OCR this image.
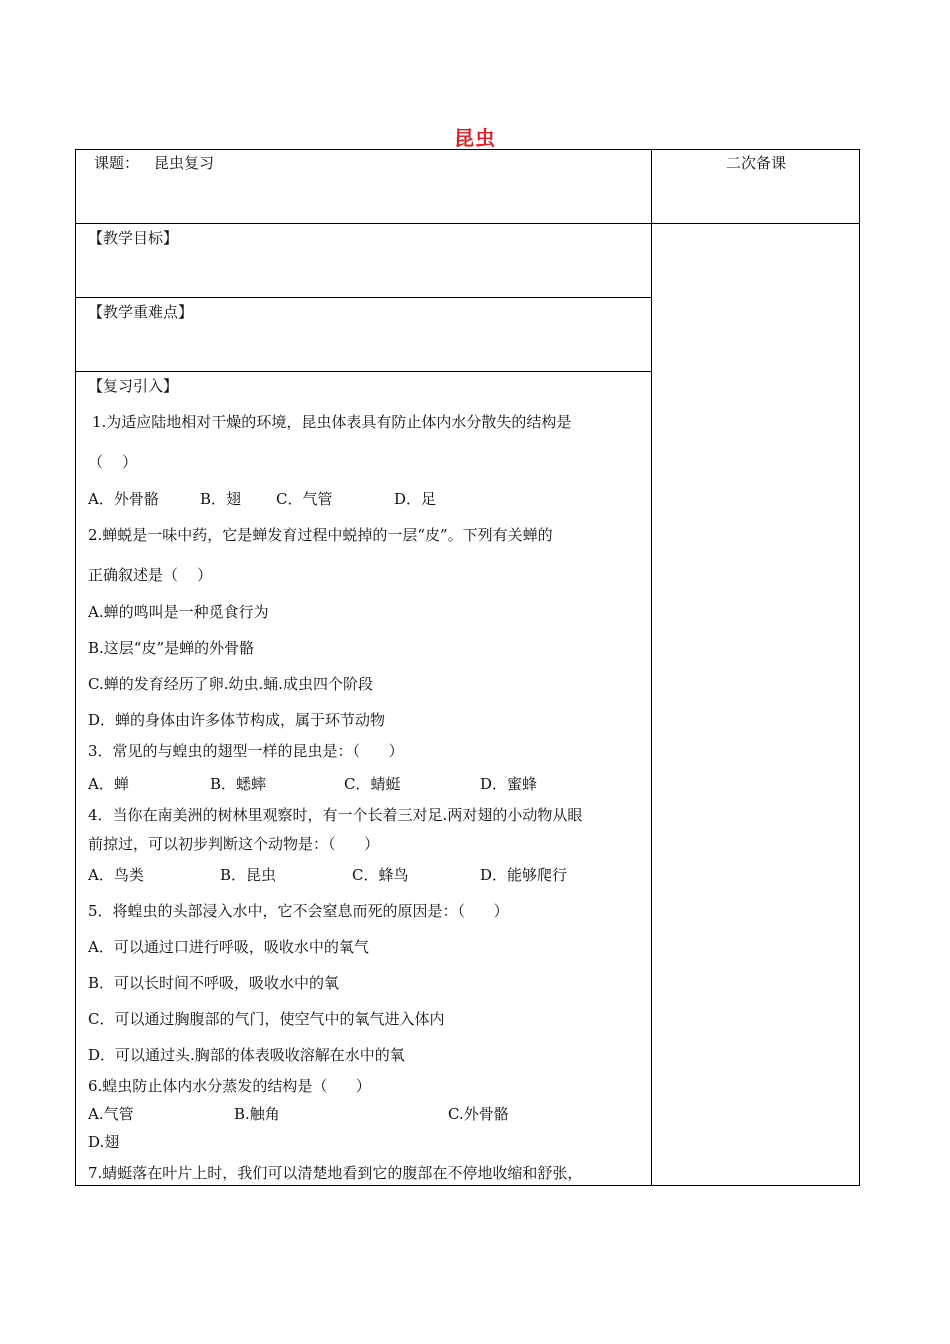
昆虫
课题： 昆虫复习	二次备课
【教学目标】
【教学重难点】
【复习引入】
1.为适应陆地相对干燥的环境，昆虫体表具有防止体内水分散失的结构是
（    ）
A．外骨骼	B．翅 C．气管	D．足
2.蝉蜕是一味中药，它是蝉发育过程中蜕掉的一层“皮”。下列有关蝉的
正确叙述是（    ）
A.蝉的鸣叫是一种觅食行为
B.这层“皮”是蝉的外骨骼
C.蝉的发育经历了卵.幼虫.蛹.成虫四个阶段
D．蝉的身体由许多体节构成，属于环节动物
3．常见的与蝗虫的翅型一样的昆虫是：（      ）
A．蝉	B．蟋蟀	C．蜻蜓	D．蜜蜂
4．当你在南美洲的树林里观察时，有一个长着三对足.两对翅的小动物从眼
前掠过，可以初步判断这个动物是：（      ）
A．鸟类	B．昆虫	C．蜂鸟	D．能够爬行
5．将蝗虫的头部浸入水中，它不会窒息而死的原因是：（      ）
A．可以通过口进行呼吸，吸收水中的氧气
B．可以长时间不呼吸，吸收水中的氧
C．可以通过胸腹部的气门，使空气中的氧气进入体内
D．可以通过头.胸部的体表吸收溶解在水中的氧
6.蝗虫防止体内水分蒸发的结构是（      ）
A.气管	B.触角	C.外骨骼
D.翅
7.蜻蜓落在叶片上时，我们可以清楚地看到它的腹部在不停地收缩和舒张，
